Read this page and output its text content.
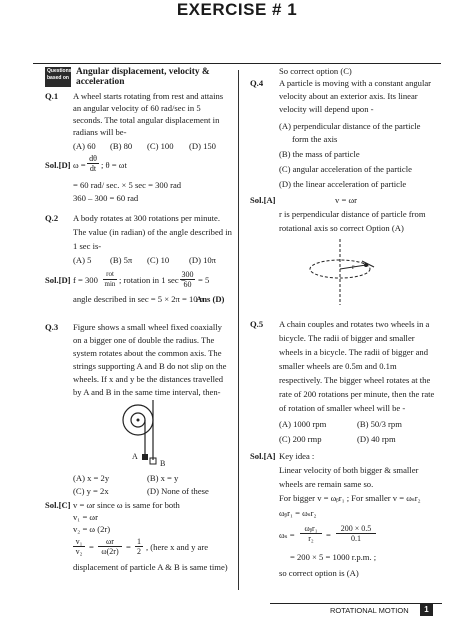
EXERCISE # 1
Questions based on
Angular displacement, velocity &
acceleration
Q.1 A wheel starts rotating from rest and attains
an angular velocity of 60 rad/sec in 5
seconds. The total angular displacement in
radians will be-
(A) 60 (B) 80 (C) 100 (D) 150
Sol.[D] $\omega = \frac{d\theta}{dt}$ ; θ = ωt
= 60 rad/ sec. × 5 sec = 300 rad
360 – 300 = 60 rad
Q.2 A body rotates at 300 rotations per minute.
The value (in radian) of the angle described in
1 sec is-
(A) 5 (B) 5π (C) 10 (D) 10π
Sol.[D] f = 300
rot
min ; rotation in 1 sec =
$\frac{300}{60} = 5$
angle described in sec = 5 × 2π = 10 π
Ans (D)
Q.3 Figure shows a small wheel fixed coaxially
on a bigger one of double the radius. The
system rotates about the common axis. The
strings supporting A and B do not slip on the
wheels. If x and y be the distances travelled
by A and B in the same time interval, then-
A
B
(A) x = 2y	(B) x = y
(C) y = 2x	(D) None of these
Sol.[C] v = ωr since ω is same for both
v₁ = ωr
v₂ = ω (2r)
$\frac{\text{v₁}}{\text{v₂}} = \frac{\omega r}{\omega(2r)} = \frac{1}{2}$ , (here x and y are
displacement of particle A & B is same time)
So correct option (C)
Q.4 A particle is moving with a constant angular
velocity about an exterior axis. Its linear
velocity will depend upon -
(A) perpendicular distance of the particle
form the axis
(B) the mass of particle
(C) angular acceleration of the particle
(D) the linear acceleration of particle
Sol.[A]	v = ωr
r is perpendicular distance of particle from
rotational axis so correct Option (A)
r
Q.5 A chain couples and rotates two wheels in a
bicycle. The radii of bigger and smaller
wheels in a bicycle. The radii of bigger and
smaller wheels are 0.5m and 0.1m
respectively. The bigger wheel rotates at the
rate of 200 rotations per minute, then the rate
of rotation of smaller wheel will be -
(A) 1000 rpm	(B) 50/3 rpm
(C) 200 rmp	(D) 40 rpm
Sol.[A] Key idea :
Linear velocity of both bigger & smaller
wheels are remain same so.
For bigger v = ωᵦr₁ ; For smaller v = ωₛr₂
ωᵦr₁ = ωₛr₂
ωₛ =
ωᵦr₁
r₂	= $\frac{200 \times 0.5}{0.1}$
= 200 × 5 = 1000 r.p.m. ;
so correct option is (A)
ROTATIONAL MOTION	1
